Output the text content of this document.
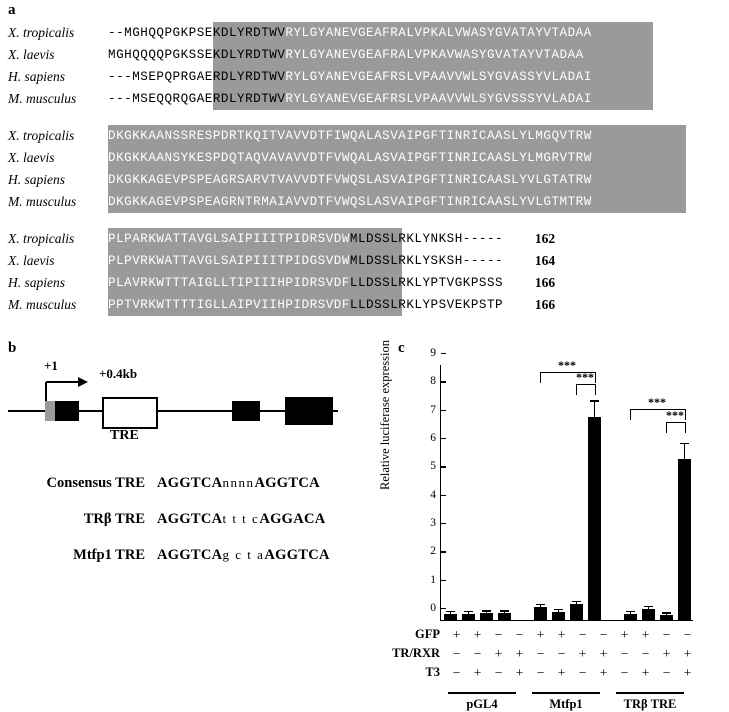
a
X. tropicalis	--MGHQQPGKPSEKDLYRDTWVRYLGYANEVGEAFRALVPKALVWASYGVATAYVTADAA
X. laevis	MGHQQQQPGKSSEKDLYRDTWVRYLGYANEVGEAFRALVPKAVWASYGVATAYVTADAA
H. sapiens	---MSEPQPRGAERDLYRDTWVRYLGYANEVGEAFRSLVPAAVVWLSYGVASSYVLADAI
M. musculus	---MSEQQRQGAERDLYRDTWVRYLGYANEVGEAFRSLVPAAVVWLSYGVSSSYVLADAI
X. tropicalis	DKGKKAANSSRESPDRTKQITVAVVDTFIWQALASVAIPGFTINRICAASLYLMGQVTRW
X. laevis	DKGKKAANSYKESPDQTAQVAVAVVDTFVWQALASVAIPGFTINRICAASLYLMGRVTRW
H. sapiens	DKGKKAGEVPSPEAGRSARVTVAVVDTFVWQSLASVAIPGFTINRICAASLYVLGTATRW
M. musculus	DKGKKAGEVPSPEAGRNTRMAIAVVDTFVWQSLASVAIPGFTINRICAASLYVLGTMTRW
X. tropicalis	PLPARKWATTAVGLSAIPIIITPIDRSVDWMLDSSLRKLYNKSH-----	162
X. laevis	PLPVRKWATTAVGLSAIPIIITPIDGSVDWMLDSSLRKLYSKSH-----	164
H. sapiens	PLAVRKWTTTAIGLLTIPIIIHPIDRSVDFLLDSSLRKLYPTVGKPSSS	166
M. musculus	PPTVRKWTTTTIGLLAIPVIIHPIDRSVDFLLDSSLRKLYPSVEKPSTP	166
b
+1
+0.4kb
TRE
Consensus TRE AGGTCAnnnnAGGTCA
TRβ TRE AGGTCAt t t cAGGACA
Mtfp1 TRE AGGTCAg c t aAGGTCA
c
Relative luciferase expression
0
1
2
3
4
5
6
7
8
9
***
***
***
***
GFP + + − − + + − − + + − −
TR/RXR − − + + − − + + − − + +
T3 − + − + − + − + − + − +
pGL4	Mtfp1	TRβ TRE
